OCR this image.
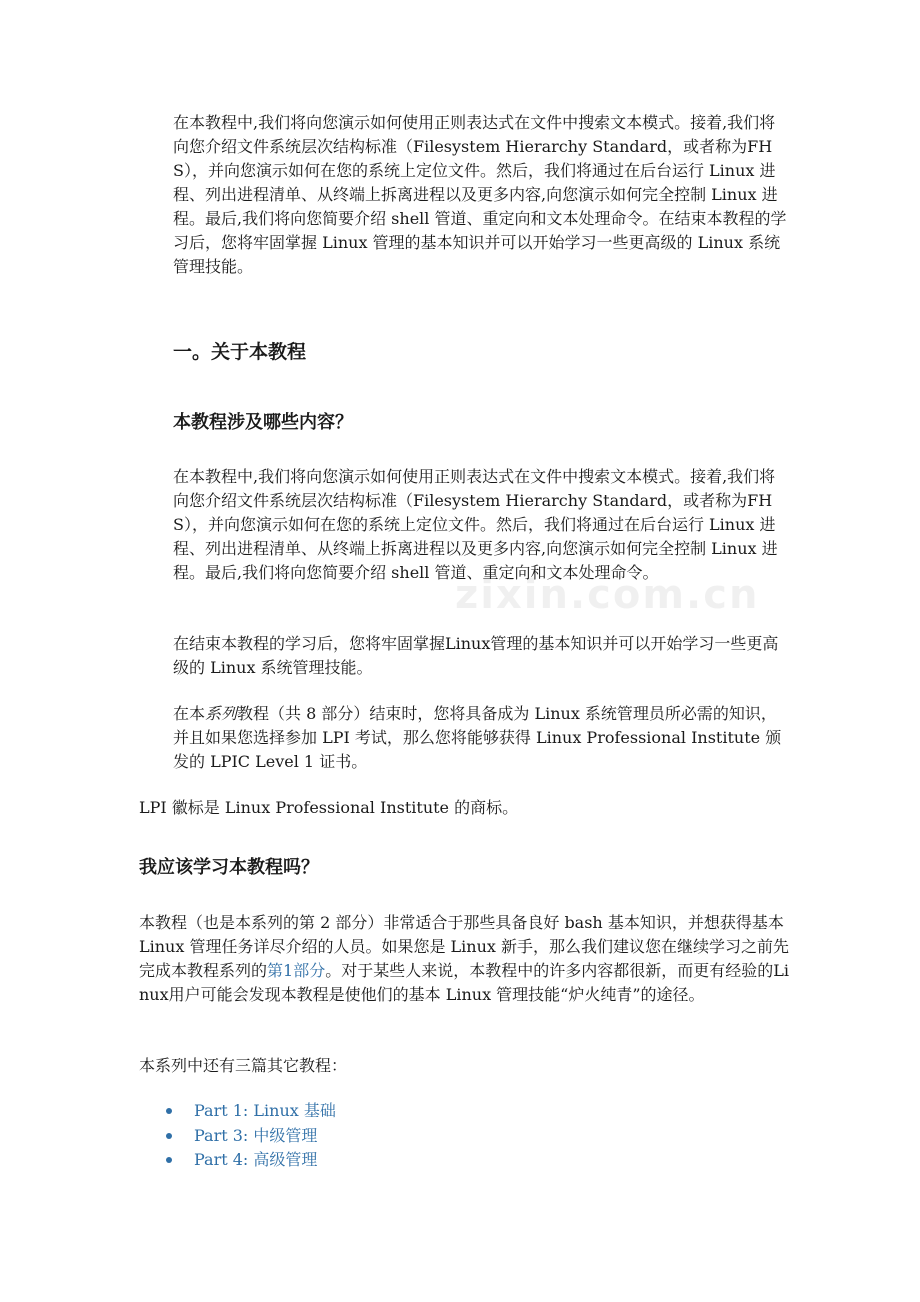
zixin.com.cn

在本教程中,我们将向您演示如何使用正则表达式在文件中搜索文本模式。接着,我们将向您介绍文件系统层次结构标准（Filesystem Hierarchy Standard，或者称为FHS），并向您演示如何在您的系统上定位文件。然后，我们将通过在后台运行 Linux 进程、列出进程清单、从终端上拆离进程以及更多内容,向您演示如何完全控制 Linux 进程。最后,我们将向您简要介绍 shell 管道、重定向和文本处理命令。在结束本教程的学习后，您将牢固掌握 Linux 管理的基本知识并可以开始学习一些更高级的 Linux 系统管理技能。

一。关于本教程
本教程涉及哪些内容？

在本教程中,我们将向您演示如何使用正则表达式在文件中搜索文本模式。接着,我们将向您介绍文件系统层次结构标准（Filesystem Hierarchy Standard，或者称为FHS），并向您演示如何在您的系统上定位文件。然后，我们将通过在后台运行 Linux 进程、列出进程清单、从终端上拆离进程以及更多内容,向您演示如何完全控制 Linux 进程。最后,我们将向您简要介绍 shell 管道、重定向和文本处理命令。

在结束本教程的学习后，您将牢固掌握Linux管理的基本知识并可以开始学习一些更高级的 Linux 系统管理技能。

在本系列教程（共 8 部分）结束时，您将具备成为 Linux 系统管理员所必需的知识，并且如果您选择参加 LPI 考试，那么您将能够获得 Linux Professional Institute 颁发的 LPIC Level 1 证书。

LPI 徽标是 Linux Professional Institute 的商标。

我应该学习本教程吗？

本教程（也是本系列的第 2 部分）非常适合于那些具备良好 bash 基本知识，并想获得基本 Linux 管理任务详尽介绍的人员。如果您是 Linux 新手，那么我们建议您在继续学习之前先完成本教程系列的第1部分。对于某些人来说，本教程中的许多内容都很新，而更有经验的Linux用户可能会发现本教程是使他们的基本 Linux 管理技能“炉火纯青”的途径。

本系列中还有三篇其它教程：

Part 1: Linux 基础
Part 3: 中级管理
Part 4: 高级管理
